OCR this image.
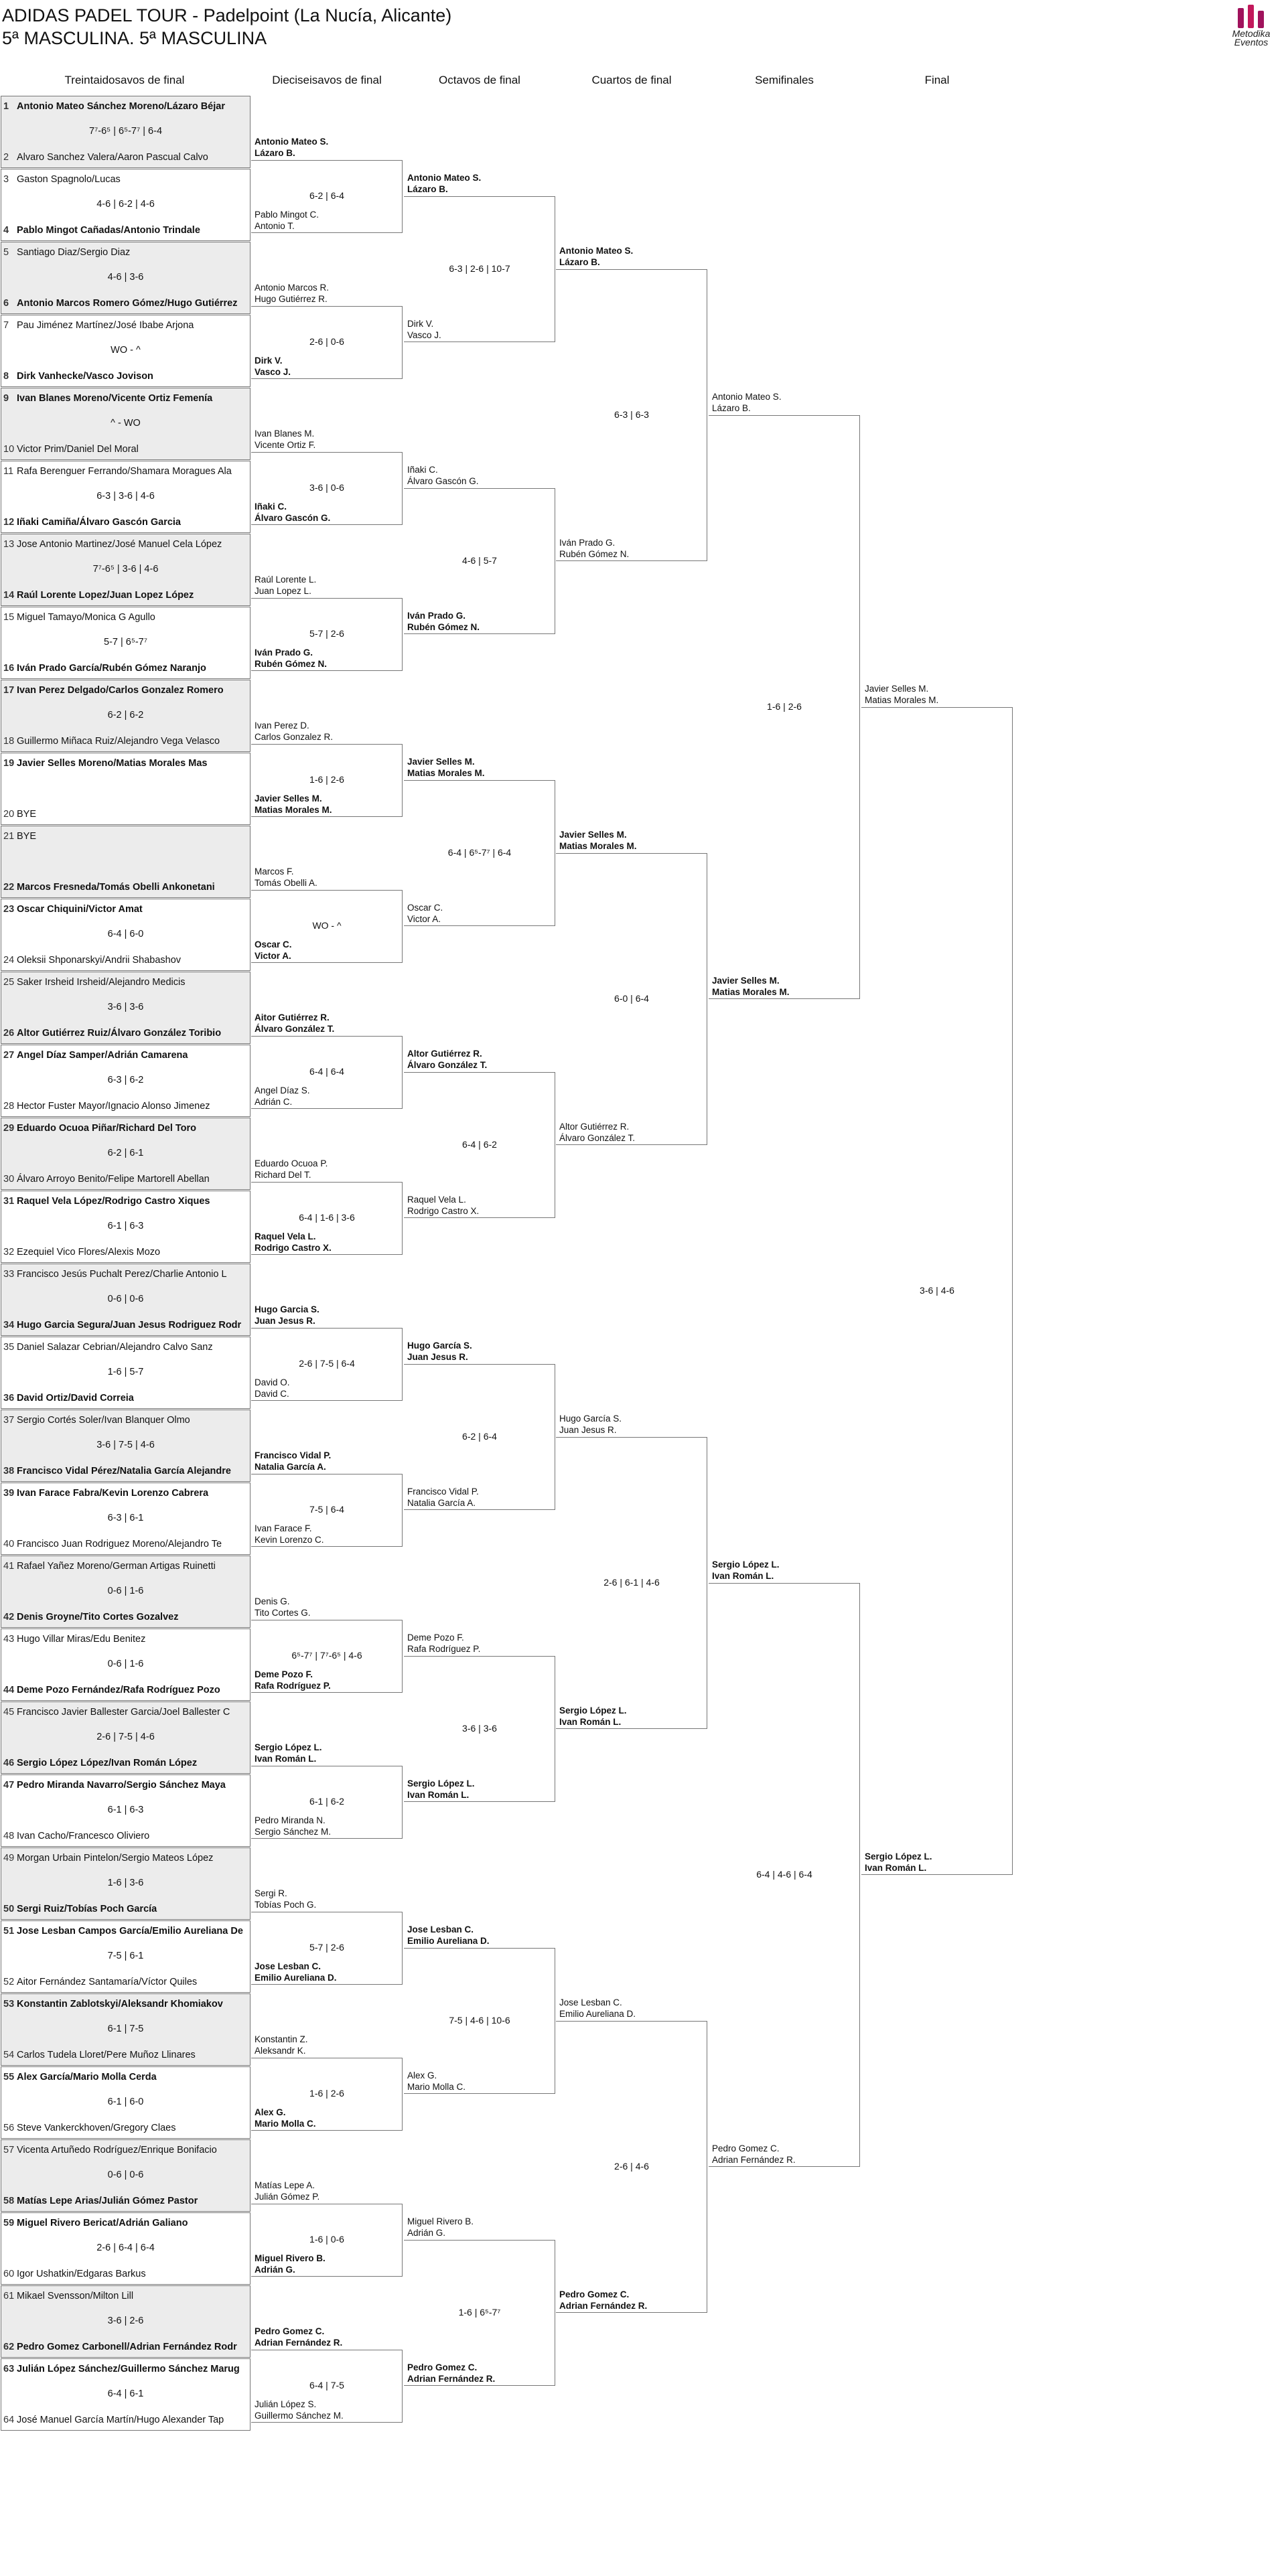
ADIDAS PADEL TOUR - Padelpoint (La Nucía, Alicante)
5ª MASCULINA. 5ª MASCULINA	Metodika
Eventos
Treintaidosavos de final	Dieciseisavos de final	Octavos de final	Cuartos de final	Semifinales	Final
1 Antonio Mateo Sánchez Moreno/Lázaro Béjar
2 Alvaro Sanchez Valera/Aaron Pascual Calvo
7⁷-6⁵ | 6⁵-7⁷ | 6-4
3 Gaston Spagnolo/Lucas
4 Pablo Mingot Cañadas/Antonio Trindale
4-6 | 6-2 | 4-6
5 Santiago Diaz/Sergio Diaz
6 Antonio Marcos Romero Gómez/Hugo Gutiérrez
4-6 | 3-6
7 Pau Jiménez Martínez/José Ibabe Arjona
8 Dirk Vanhecke/Vasco Jovison
WO - ^
9 Ivan Blanes Moreno/Vicente Ortiz Femenía
10 Victor Prim/Daniel Del Moral
^ - WO
11 Rafa Berenguer Ferrando/Shamara Moragues Ala
12 Iñaki Camiña/Álvaro Gascón Garcia
6-3 | 3-6 | 4-6
13 Jose Antonio Martinez/José Manuel Cela López
14 Raúl Lorente Lopez/Juan Lopez López
7⁷-6⁵ | 3-6 | 4-6
15 Miguel Tamayo/Monica G Agullo
16 Iván Prado García/Rubén Gómez Naranjo
5-7 | 6⁵-7⁷
17 Ivan Perez Delgado/Carlos Gonzalez Romero
18 Guillermo Miñaca Ruiz/Alejandro Vega Velasco
6-2 | 6-2
19 Javier Selles Moreno/Matias Morales Mas
20 BYE
21 BYE
22 Marcos Fresneda/Tomás Obelli Ankonetani
23 Oscar Chiquini/Victor Amat
24 Oleksii Shponarskyi/Andrii Shabashov
6-4 | 6-0
25 Saker Irsheid Irsheid/Alejandro Medicis
26 Altor Gutiérrez Ruiz/Álvaro González Toribio
3-6 | 3-6
27 Angel Díaz Samper/Adrián Camarena
28 Hector Fuster Mayor/Ignacio Alonso Jimenez
6-3 | 6-2
29 Eduardo Ocuoa Piñar/Richard Del Toro
30 Álvaro Arroyo Benito/Felipe Martorell Abellan
6-2 | 6-1
31 Raquel Vela López/Rodrigo Castro Xiques
32 Ezequiel Vico Flores/Alexis Mozo
6-1 | 6-3
33 Francisco Jesús Puchalt Perez/Charlie Antonio L
34 Hugo Garcia Segura/Juan Jesus Rodriguez Rodr
0-6 | 0-6
35 Daniel Salazar Cebrian/Alejandro Calvo Sanz
36 David Ortiz/David Correia
1-6 | 5-7
37 Sergio Cortés Soler/Ivan Blanquer Olmo
38 Francisco Vidal Pérez/Natalia García Alejandre
3-6 | 7-5 | 4-6
39 Ivan Farace Fabra/Kevin Lorenzo Cabrera
40 Francisco Juan Rodriguez Moreno/Alejandro Te
6-3 | 6-1
41 Rafael Yañez Moreno/German Artigas Ruinetti
42 Denis Groyne/Tito Cortes Gozalvez
0-6 | 1-6
43 Hugo Villar Miras/Edu Benitez
44 Deme Pozo Fernández/Rafa Rodríguez Pozo
0-6 | 1-6
45 Francisco Javier Ballester Garcia/Joel Ballester C
46 Sergio López López/Ivan Román López
2-6 | 7-5 | 4-6
47 Pedro Miranda Navarro/Sergio Sánchez Maya
48 Ivan Cacho/Francesco Oliviero
6-1 | 6-3
49 Morgan Urbain Pintelon/Sergio Mateos López
50 Sergi Ruiz/Tobías Poch García
1-6 | 3-6
51 Jose Lesban Campos García/Emilio Aureliana De
52 Aitor Fernández Santamaría/Víctor Quiles
7-5 | 6-1
53 Konstantin Zablotskyi/Aleksandr Khomiakov
54 Carlos Tudela Lloret/Pere Muñoz Llinares
6-1 | 7-5
55 Alex García/Mario Molla Cerda
56 Steve Vankerckhoven/Gregory Claes
6-1 | 6-0
57 Vicenta Artuñedo Rodríguez/Enrique Bonifacio
58 Matías Lepe Arias/Julián Gómez Pastor
0-6 | 0-6
59 Miguel Rivero Bericat/Adrián Galiano
60 Igor Ushatkin/Edgaras Barkus
2-6 | 6-4 | 6-4
61 Mikael Svensson/Milton Lill
62 Pedro Gomez Carbonell/Adrian Fernández Rodr
3-6 | 2-6
63 Julián López Sánchez/Guillermo Sánchez Marug
64 José Manuel García Martín/Hugo Alexander Tap
6-4 | 6-1
Antonio Mateo S.
Lázaro B.
Pablo Mingot C.
Antonio T.
6-2 | 6-4
Antonio Marcos R.
Hugo Gutiérrez R.
Dirk V.
Vasco J.
2-6 | 0-6
Ivan Blanes M.
Vicente Ortiz F.
Iñaki C.
Álvaro Gascón G.
3-6 | 0-6
Raúl Lorente L.
Juan Lopez L.
Iván Prado G.
Rubén Gómez N.
5-7 | 2-6
Ivan Perez D.
Carlos Gonzalez R.
Javier Selles M.
Matias Morales M.
1-6 | 2-6
Marcos F.
Tomás Obelli A.
Oscar C.
Victor A.
WO - ^
Aitor Gutiérrez R.
Álvaro González T.
Angel Díaz S.
Adrián C.
6-4 | 6-4
Eduardo Ocuoa P.
Richard Del T.
Raquel Vela L.
Rodrigo Castro X.
6-4 | 1-6 | 3-6
Hugo Garcia S.
Juan Jesus R.
David O.
David C.
2-6 | 7-5 | 6-4
Francisco Vidal P.
Natalia García A.
Ivan Farace F.
Kevin Lorenzo C.
7-5 | 6-4
Denis G.
Tito Cortes G.
Deme Pozo F.
Rafa Rodríguez P.
6⁵-7⁷ | 7⁷-6⁵ | 4-6
Sergio López L.
Ivan Román L.
Pedro Miranda N.
Sergio Sánchez M.
6-1 | 6-2
Sergi R.
Tobías Poch G.
Jose Lesban C.
Emilio Aureliana D.
5-7 | 2-6
Konstantin Z.
Aleksandr K.
Alex G.
Mario Molla C.
1-6 | 2-6
Matías Lepe A.
Julián Gómez P.
Miguel Rivero B.
Adrián G.
1-6 | 0-6
Pedro Gomez C.
Adrian Fernández R.
Julián López S.
Guillermo Sánchez M.
6-4 | 7-5
Antonio Mateo S.
Lázaro B.
Dirk V.
Vasco J.
6-3 | 2-6 | 10-7
Iñaki C.
Álvaro Gascón G.
Iván Prado G.
Rubén Gómez N.
4-6 | 5-7
Javier Selles M.
Matias Morales M.
Oscar C.
Victor A.
6-4 | 6⁵-7⁷ | 6-4
Altor Gutiérrez R.
Álvaro González T.
Raquel Vela L.
Rodrigo Castro X.
6-4 | 6-2
Hugo García S.
Juan Jesus R.
Francisco Vidal P.
Natalia García A.
6-2 | 6-4
Deme Pozo F.
Rafa Rodríguez P.
Sergio López L.
Ivan Román L.
3-6 | 3-6
Jose Lesban C.
Emilio Aureliana D.
Alex G.
Mario Molla C.
7-5 | 4-6 | 10-6
Miguel Rivero B.
Adrián G.
Pedro Gomez C.
Adrian Fernández R.
1-6 | 6⁵-7⁷
Antonio Mateo S.
Lázaro B.
Iván Prado G.
Rubén Gómez N.
6-3 | 6-3
Javier Selles M.
Matias Morales M.
Altor Gutiérrez R.
Álvaro González T.
6-0 | 6-4
Hugo García S.
Juan Jesus R.
Sergio López L.
Ivan Román L.
2-6 | 6-1 | 4-6
Jose Lesban C.
Emilio Aureliana D.
Pedro Gomez C.
Adrian Fernández R.
2-6 | 4-6
Antonio Mateo S.
Lázaro B.
Javier Selles M.
Matias Morales M.
1-6 | 2-6
Sergio López L.
Ivan Román L.
Pedro Gomez C.
Adrian Fernández R.
6-4 | 4-6 | 6-4
Javier Selles M.
Matias Morales M.
Sergio López L.
Ivan Román L.
3-6 | 4-6
